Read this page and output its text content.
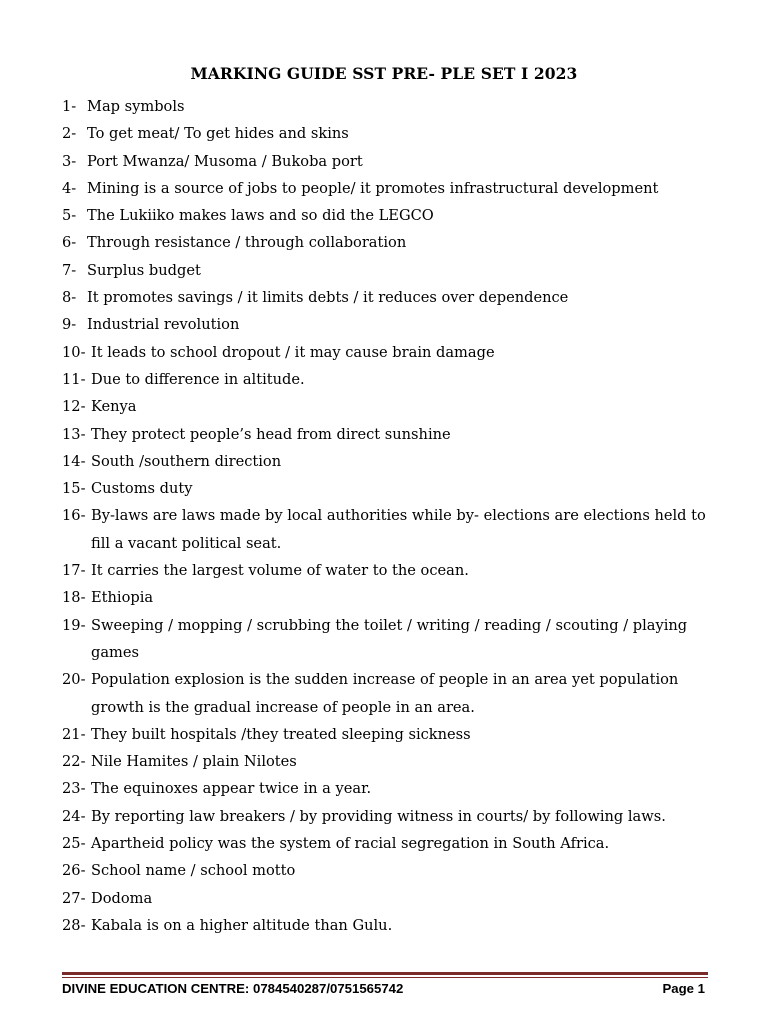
MARKING GUIDE SST PRE- PLE SET I 2023
1- Map symbols
2- To get meat/ To get hides and skins
3- Port Mwanza/ Musoma / Bukoba port
4- Mining is a source of jobs to people/ it promotes infrastructural development
5- The Lukiiko makes laws and so did the LEGCO
6- Through resistance / through collaboration
7- Surplus budget
8- It promotes savings / it limits debts / it reduces over dependence
9- Industrial revolution
10- It leads to school dropout / it may cause brain damage
11- Due to difference in altitude.
12- Kenya
13- They protect people’s head from direct sunshine
14- South /southern direction
15- Customs duty
16- By-laws are laws made by local authorities while by- elections are elections held to fill a vacant political seat.
17- It carries the largest volume of water to the ocean.
18- Ethiopia
19- Sweeping / mopping / scrubbing the toilet / writing / reading / scouting / playing games
20- Population explosion is the sudden increase of people in an area yet population growth is the gradual increase of people in an area.
21- They built hospitals /they treated sleeping sickness
22- Nile Hamites / plain Nilotes
23- The equinoxes appear twice in a year.
24- By reporting law breakers / by providing witness in courts/ by following laws.
25- Apartheid policy was the system of racial segregation in South Africa.
26- School name / school motto
27- Dodoma
28- Kabala is on a higher altitude than Gulu.
DIVINE EDUCATION CENTRE: 0784540287/0751565742	Page 1
